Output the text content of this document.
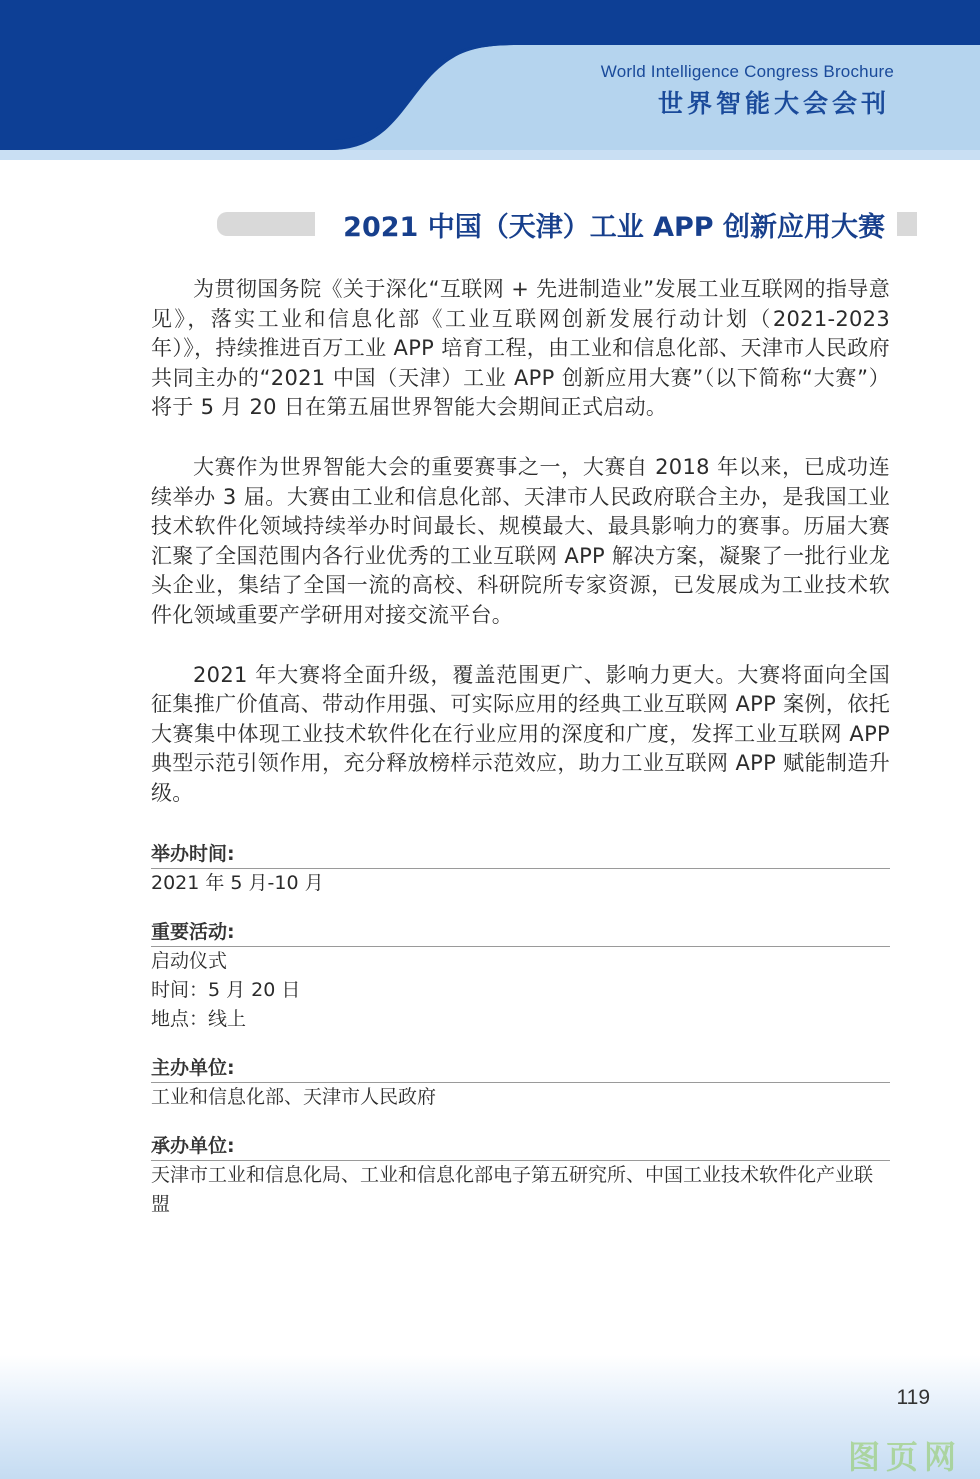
World Intelligence Congress Brochure
世界智能大会会刊
2021 中国（天津）工业 APP 创新应用大赛

为贯彻国务院《关于深化“互联网 + 先进制造业”发展工业互联网的指导意见》，落实工业和信息化部《工业互联网创新发展行动计划（2021-2023 年）》，持续推进百万工业 APP 培育工程，由工业和信息化部、天津市人民政府共同主办的“2021 中国（天津）工业 APP 创新应用大赛”（以下简称“大赛”）将于 5 月 20 日在第五届世界智能大会期间正式启动。

大赛作为世界智能大会的重要赛事之一，大赛自 2018 年以来，已成功连续举办 3 届。大赛由工业和信息化部、天津市人民政府联合主办，是我国工业技术软件化领域持续举办时间最长、规模最大、最具影响力的赛事。历届大赛汇聚了全国范围内各行业优秀的工业互联网 APP 解决方案，凝聚了一批行业龙头企业，集结了全国一流的高校、科研院所专家资源，已发展成为工业技术软件化领域重要产学研用对接交流平台。

2021 年大赛将全面升级，覆盖范围更广、影响力更大。大赛将面向全国征集推广价值高、带动作用强、可实际应用的经典工业互联网 APP 案例，依托大赛集中体现工业技术软件化在行业应用的深度和广度，发挥工业互联网 APP 典型示范引领作用，充分释放榜样示范效应，助力工业互联网 APP 赋能制造升级。

举办时间:
2021 年 5 月-10 月
重要活动:
启动仪式
时间：5 月 20 日
地点：线上
主办单位:
工业和信息化部、天津市人民政府
承办单位:
天津市工业和信息化局、工业和信息化部电子第五研究所、中国工业技术软件化产业联盟
119
图页网
